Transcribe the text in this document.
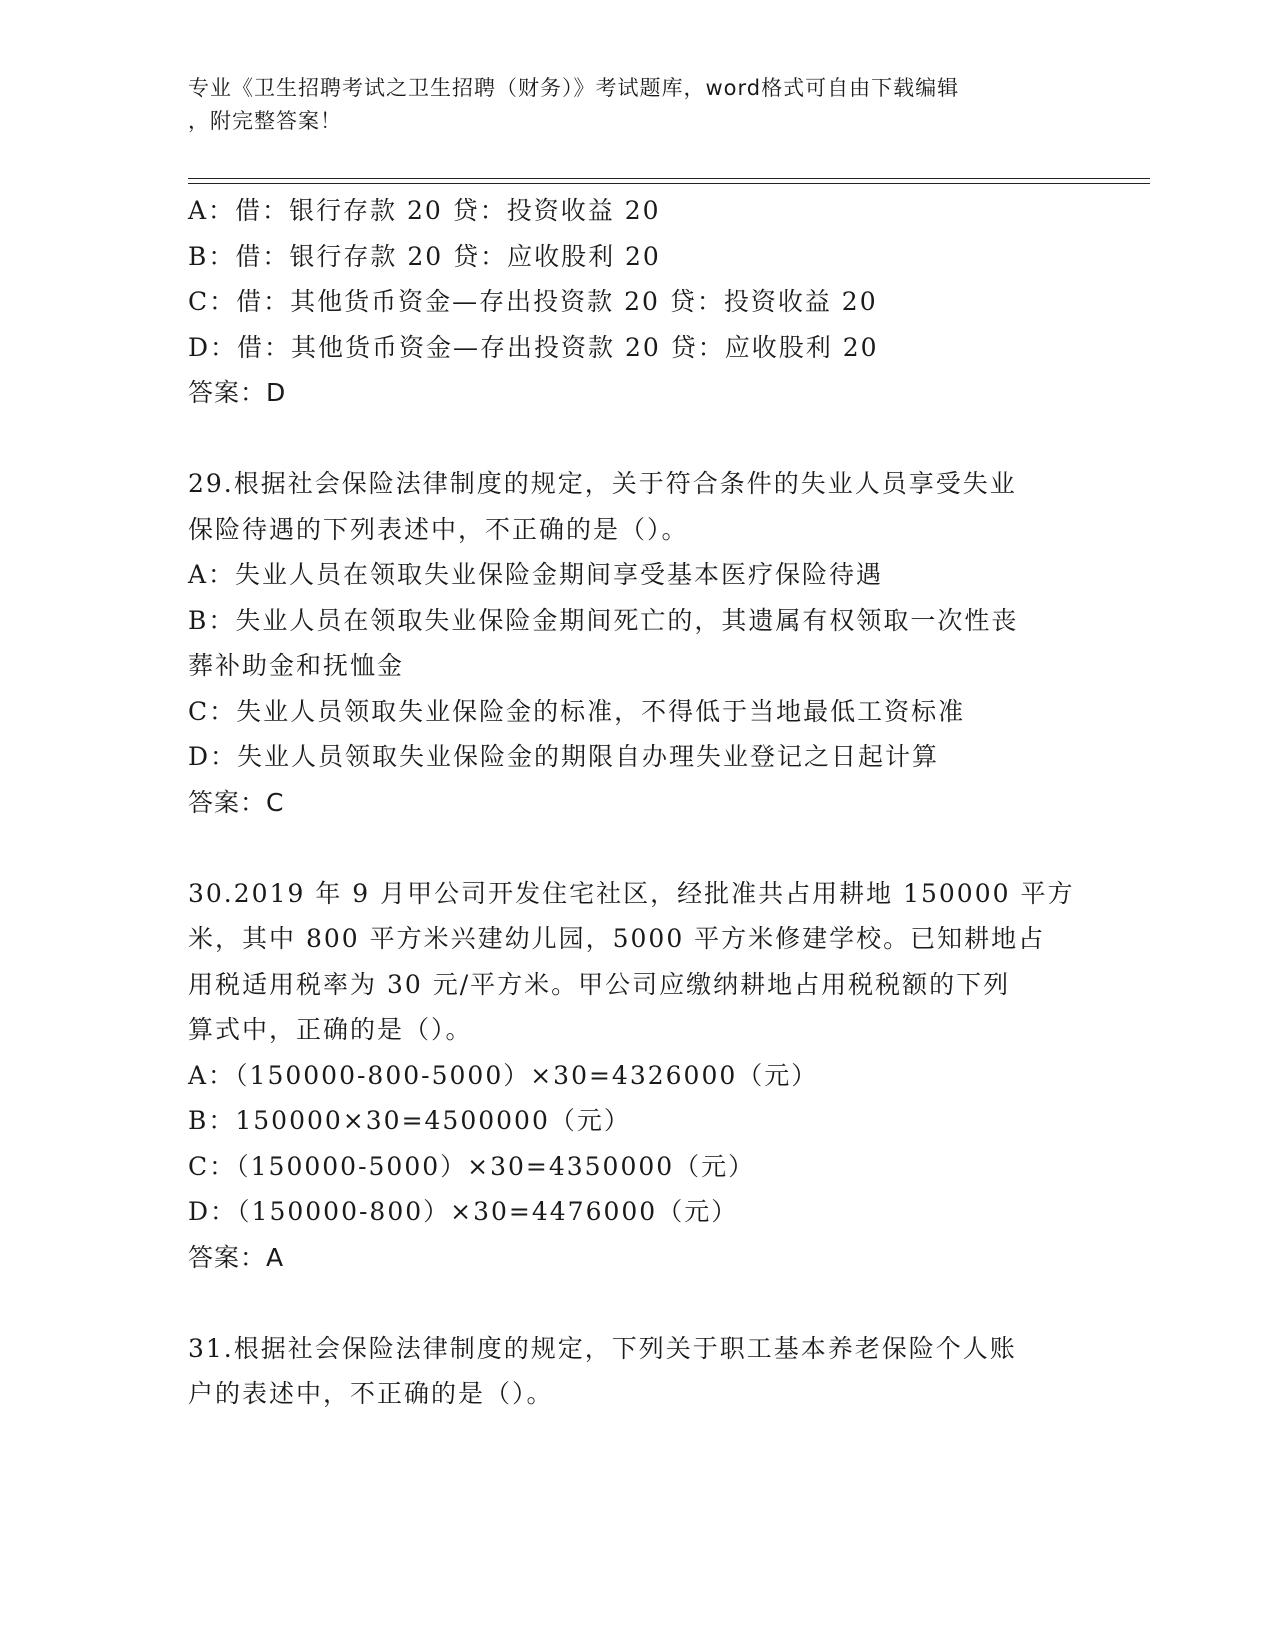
专业《卫生招聘考试之卫生招聘（财务）》考试题库，word格式可自由下载编辑
，附完整答案！
A：借：银行存款 20 贷：投资收益 20
B：借：银行存款 20 贷：应收股利 20
C：借：其他货币资金—存出投资款 20 贷：投资收益 20
D：借：其他货币资金—存出投资款 20 贷：应收股利 20
答案：D
29.根据社会保险法律制度的规定，关于符合条件的失业人员享受失业
保险待遇的下列表述中，不正确的是（）。
A：失业人员在领取失业保险金期间享受基本医疗保险待遇
B：失业人员在领取失业保险金期间死亡的，其遗属有权领取一次性丧
葬补助金和抚恤金
C：失业人员领取失业保险金的标准，不得低于当地最低工资标准
D：失业人员领取失业保险金的期限自办理失业登记之日起计算
答案：C
30.2019 年 9 月甲公司开发住宅社区，经批准共占用耕地 150000 平方
米，其中 800 平方米兴建幼儿园，5000 平方米修建学校。已知耕地占
用税适用税率为 30 元/平方米。甲公司应缴纳耕地占用税税额的下列
算式中，正确的是（）。
A：（150000-800-5000）×30=4326000（元）
B：150000×30=4500000（元）
C：（150000-5000）×30=4350000（元）
D：（150000-800）×30=4476000（元）
答案：A
31.根据社会保险法律制度的规定，下列关于职工基本养老保险个人账
户的表述中，不正确的是（）。
